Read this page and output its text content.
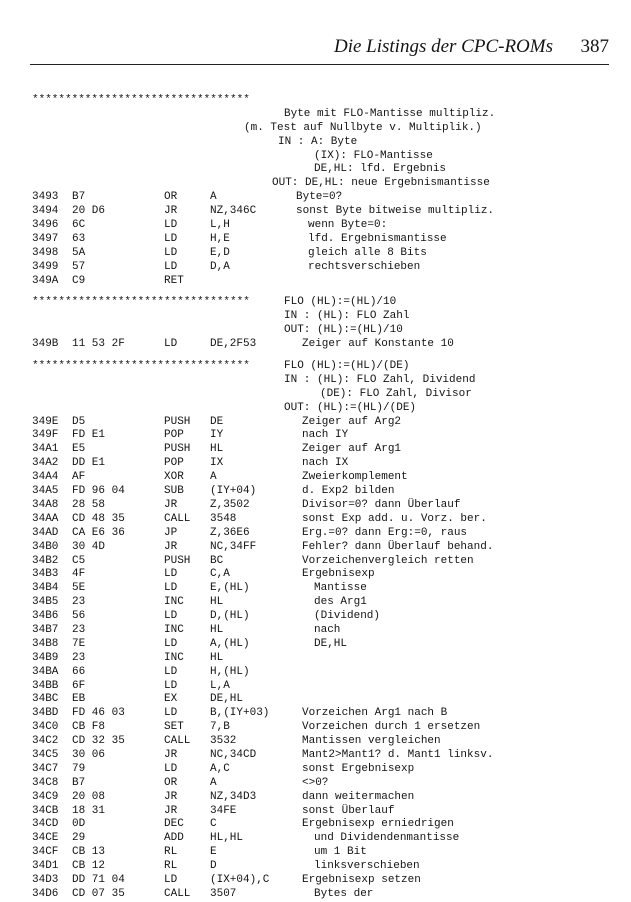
Die Listings der CPC-ROMs 387
*********************************
Byte mit FLO-Mantisse multipliz.
(m. Test auf Nullbyte v. Multiplik.)
IN : A: Byte
(IX): FLO-Mantisse
DE,HL: lfd. Ergebnis
OUT: DE,HL: neue Ergebnismantisse
3493 B7	OR	A	Byte=0?
3494 20 D6	JR	NZ,346C	sonst Byte bitweise multipliz.
3496 6C	LD	L,H	wenn Byte=0:
3497 63	LD	H,E	lfd. Ergebnismantisse
3498 5A	LD	E,D	gleich alle 8 Bits
3499 57	LD	D,A	rechtsverschieben
349A C9	RET
*********************************	FLO (HL):=(HL)/10
IN : (HL): FLO Zahl
OUT: (HL):=(HL)/10
349B 11 53 2F	LD	DE,2F53	Zeiger auf Konstante 10
*********************************	FLO (HL):=(HL)/(DE)
IN : (HL): FLO Zahl, Dividend
(DE): FLO Zahl, Divisor
OUT: (HL):=(HL)/(DE)
349E D5	PUSH DE	Zeiger auf Arg2
349F FD E1	POP IY	nach IY
34A1 E5	PUSH HL	Zeiger auf Arg1
34A2 DD E1	POP IX	nach IX
34A4 AF	XOR A	Zweierkomplement
34A5 FD 96 04	SUB (IY+04)	d. Exp2 bilden
34A8 28 58	JR	Z,3502	Divisor=0? dann Überlauf
34AA CD 48 35	CALL 3548	sonst Exp add. u. Vorz. ber.
34AD CA E6 36	JP	Z,36E6	Erg.=0? dann Erg:=0, raus
34B0 30 4D	JR	NC,34FF	Fehler? dann Überlauf behand.
34B2 C5	PUSH BC	Vorzeichenvergleich retten
34B3 4F	LD	C,A	Ergebnisexp
34B4 5E	LD	E,(HL)	Mantisse
34B5 23	INC HL	des Arg1
34B6 56	LD	D,(HL)	(Dividend)
34B7 23	INC HL	nach
34B8 7E	LD	A,(HL)	DE,HL
34B9 23	INC HL
34BA 66	LD	H,(HL)
34BB 6F	LD	L,A
34BC EB	EX	DE,HL
34BD FD 46 03	LD	B,(IY+03)	Vorzeichen Arg1 nach B
34C0 CB F8	SET 7,B	Vorzeichen durch 1 ersetzen
34C2 CD 32 35	CALL 3532	Mantissen vergleichen
34C5 30 06	JR	NC,34CD	Mant2>Mant1? d. Mant1 linksv.
34C7 79	LD	A,C	sonst Ergebnisexp
34C8 B7	OR	A	<>0?
34C9 20 08	JR	NZ,34D3	dann weitermachen
34CB 18 31	JR	34FE	sonst Überlauf
34CD 0D	DEC C	Ergebnisexp erniedrigen
34CE 29	ADD HL,HL	und Dividendenmantisse
34CF CB 13	RL	E	um 1 Bit
34D1 CB 12	RL	D	linksverschieben
34D3 DD 71 04	LD	(IX+04),C	Ergebnisexp setzen
34D6 CD 07 35	CALL 3507	Bytes der
